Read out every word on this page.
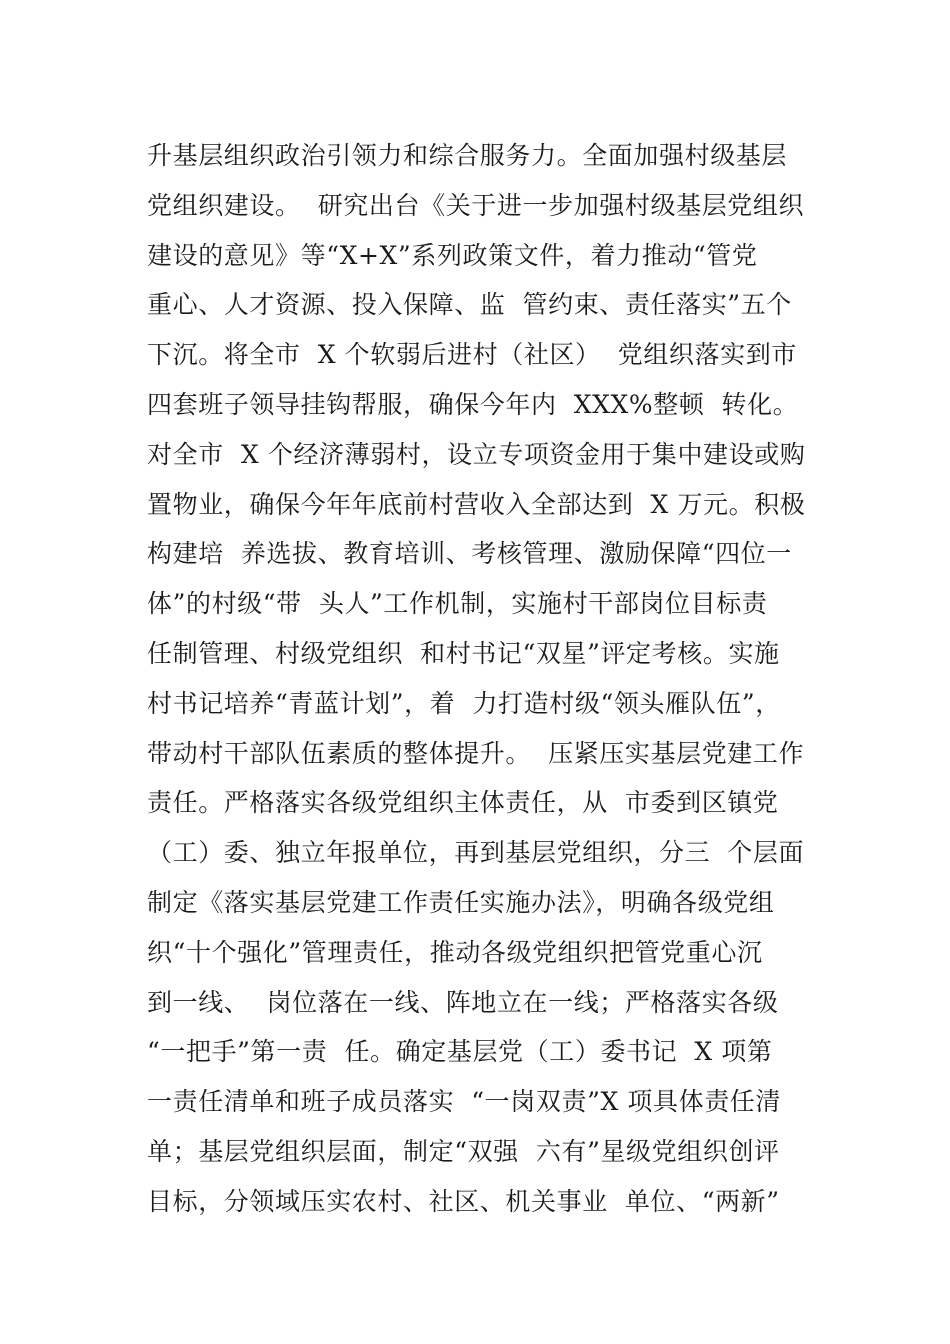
升基层组织政治引领力和综合服务力。全面加强村级基层
党组织建设。  研究出台《关于进一步加强村级基层党组织
建设的意见》等“X+X”系列政策文件，着力推动“管党
重心、人才资源、投入保障、监  管约束、责任落实”五个
下沉。将全市  X 个软弱后进村（社区）  党组织落实到市
四套班子领导挂钩帮服，确保今年内  XXX%整顿  转化。
对全市  X 个经济薄弱村，设立专项资金用于集中建设或购
置物业，确保今年年底前村营收入全部达到  X 万元。积极
构建培  养选拔、教育培训、考核管理、激励保障“四位一
体”的村级“带  头人”工作机制，实施村干部岗位目标责
任制管理、村级党组织  和村书记“双星”评定考核。实施
村书记培养“青蓝计划”，着  力打造村级“领头雁队伍”，
带动村干部队伍素质的整体提升。  压紧压实基层党建工作
责任。严格落实各级党组织主体责任，从  市委到区镇党
（工）委、独立年报单位，再到基层党组织，分三  个层面
制定《落实基层党建工作责任实施办法》，明确各级党组
织“十个强化”管理责任，推动各级党组织把管党重心沉
到一线、  岗位落在一线、阵地立在一线；严格落实各级
“一把手”第一责  任。确定基层党（工）委书记  X 项第
一责任清单和班子成员落实  “一岗双责”X 项具体责任清
单；基层党组织层面，制定“双强  六有”星级党组织创评
目标，分领域压实农村、社区、机关事业  单位、“两新”
